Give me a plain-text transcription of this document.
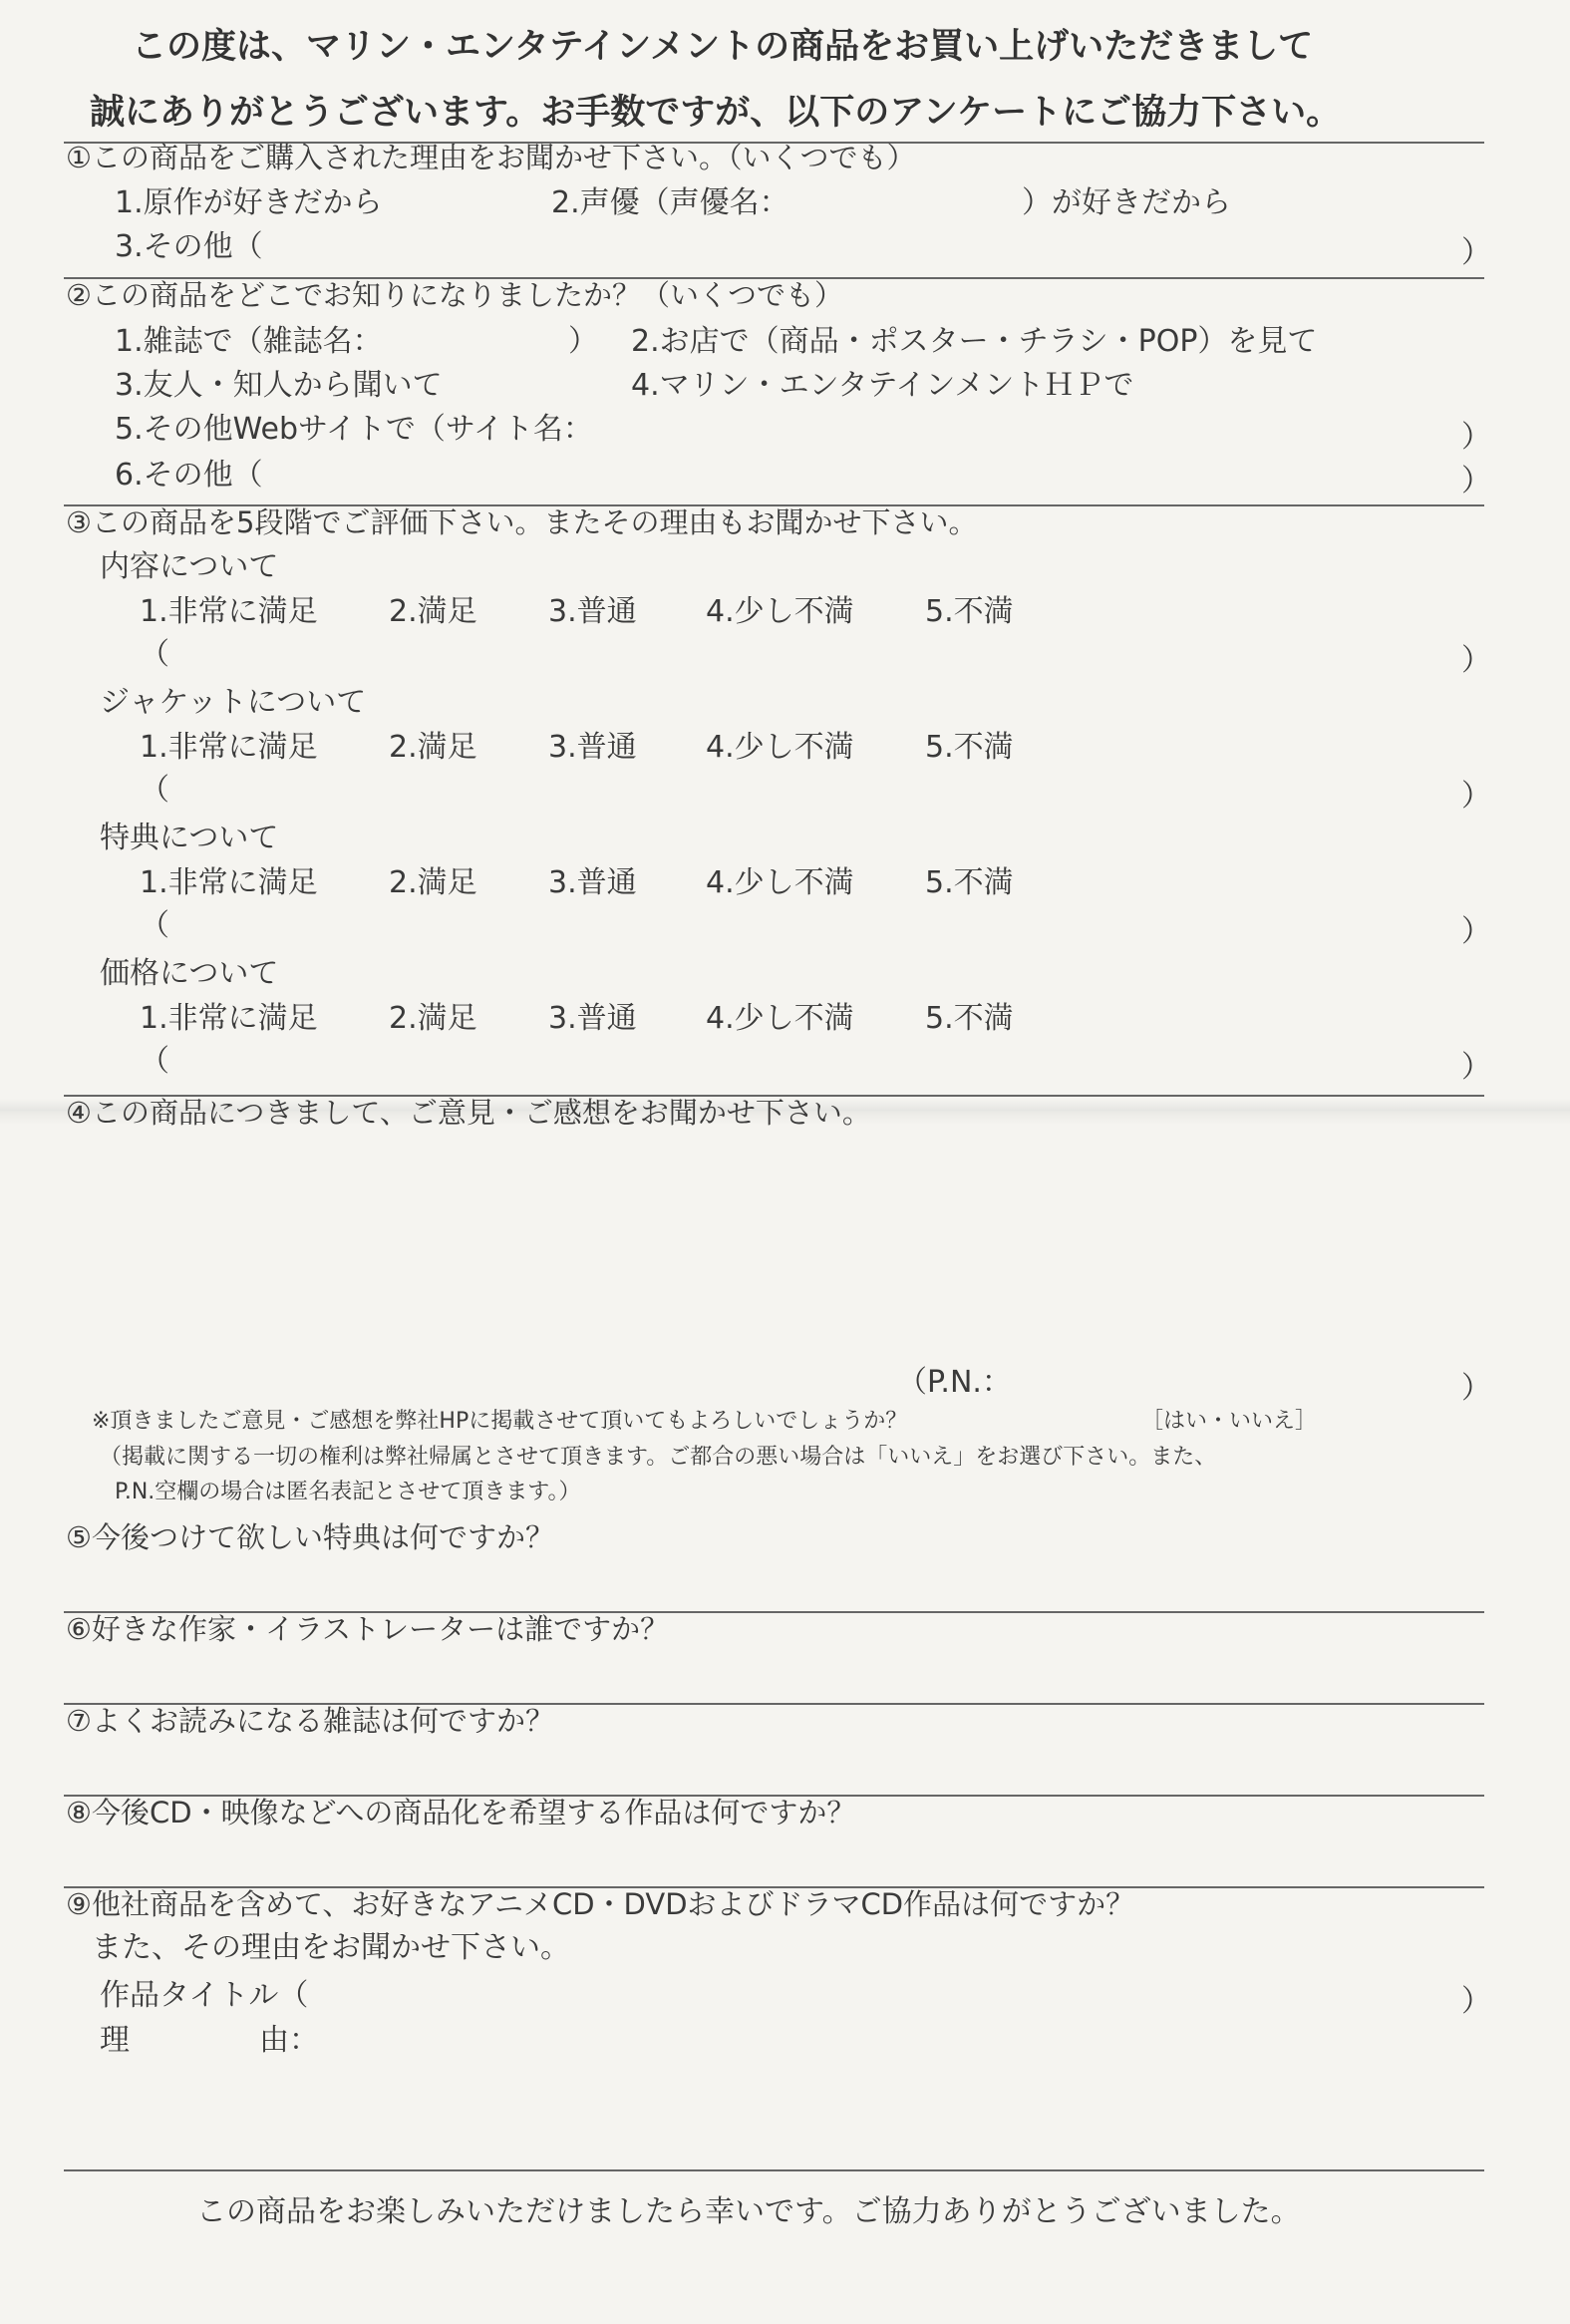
この度は、マリン・エンタテインメントの商品をお買い上げいただきまして
誠にありがとうございます。お手数ですが、以下のアンケートにご協力下さい。
①この商品をご購入された理由をお聞かせ下さい。（いくつでも）
1.原作が好きだから	2.声優（声優名：	）が好きだから
3.その他（	）
②この商品をどこでお知りになりましたか？（いくつでも）
1.雑誌で（雑誌名：	） 2.お店で（商品・ポスター・チラシ・POP）を見て
3.友人・知人から聞いて	4.マリン・エンタテインメントＨＰで
5.その他Webサイトで（サイト名：	）
6.その他（	）
③この商品を5段階でご評価下さい。またその理由もお聞かせ下さい。
内容について
1.非常に満足 2.満足 3.普通 4.少し不満 5.不満
（	）
ジャケットについて
1.非常に満足 2.満足 3.普通 4.少し不満 5.不満
（	）
特典について
1.非常に満足 2.満足 3.普通 4.少し不満 5.不満
（	）
価格について
1.非常に満足 2.満足 3.普通 4.少し不満 5.不満
（	）
④この商品につきまして、ご意見・ご感想をお聞かせ下さい。
（P.N.：	）
※頂きましたご意見・ご感想を弊社HPに掲載させて頂いてもよろしいでしょうか？	［はい・いいえ］
（掲載に関する一切の権利は弊社帰属とさせて頂きます。ご都合の悪い場合は「いいえ」をお選び下さい。また、
P.N.空欄の場合は匿名表記とさせて頂きます。）
⑤今後つけて欲しい特典は何ですか？
⑥好きな作家・イラストレーターは誰ですか？
⑦よくお読みになる雑誌は何ですか？
⑧今後CD・映像などへの商品化を希望する作品は何ですか？
⑨他社商品を含めて、お好きなアニメCD・DVDおよびドラマCD作品は何ですか？
また、その理由をお聞かせ下さい。
作品タイトル（	）
理	由：
この商品をお楽しみいただけましたら幸いです。ご協力ありがとうございました。
